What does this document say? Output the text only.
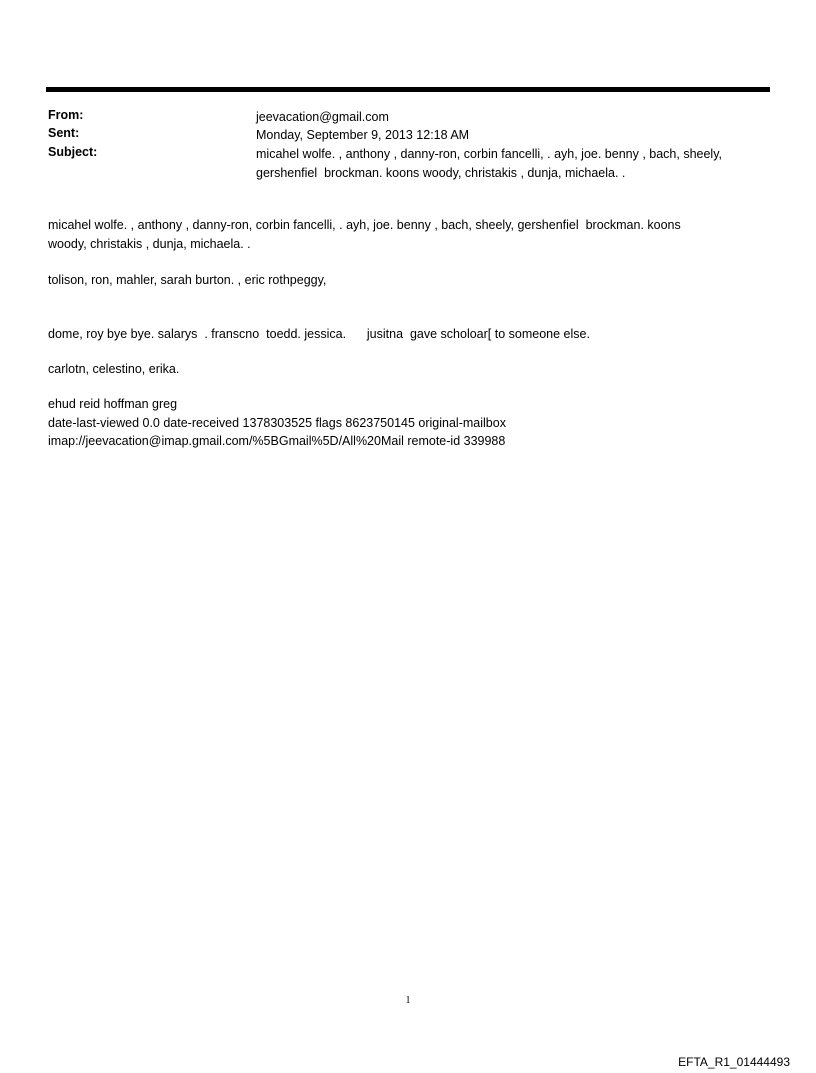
From:	jeevacation@gmail.com
Sent:	Monday, September 9, 2013 12:18 AM
Subject:	micahel wolfe. , anthony , danny-ron, corbin fancelli, . ayh, joe. benny , bach, sheely,
gershenfiel  brockman. koons woody, christakis , dunja, michaela. .
micahel wolfe. , anthony , danny-ron, corbin fancelli, . ayh, joe. benny , bach, sheely, gershenfiel  brockman. koons
woody, christakis , dunja, michaela. .
tolison, ron, mahler, sarah burton. , eric rothpeggy,
dome, roy bye bye. salarys  . franscno  toedd. jessica.      jusitna  gave scholoar[ to someone else.
carlotn, celestino, erika.
ehud reid hoffman greg
date-last-viewed 0.0 date-received 1378303525 flags 8623750145 original-mailbox
imap://jeevacation@imap.gmail.com/%5BGmail%5D/All%20Mail remote-id 339988
1
EFTA_R1_01444493
